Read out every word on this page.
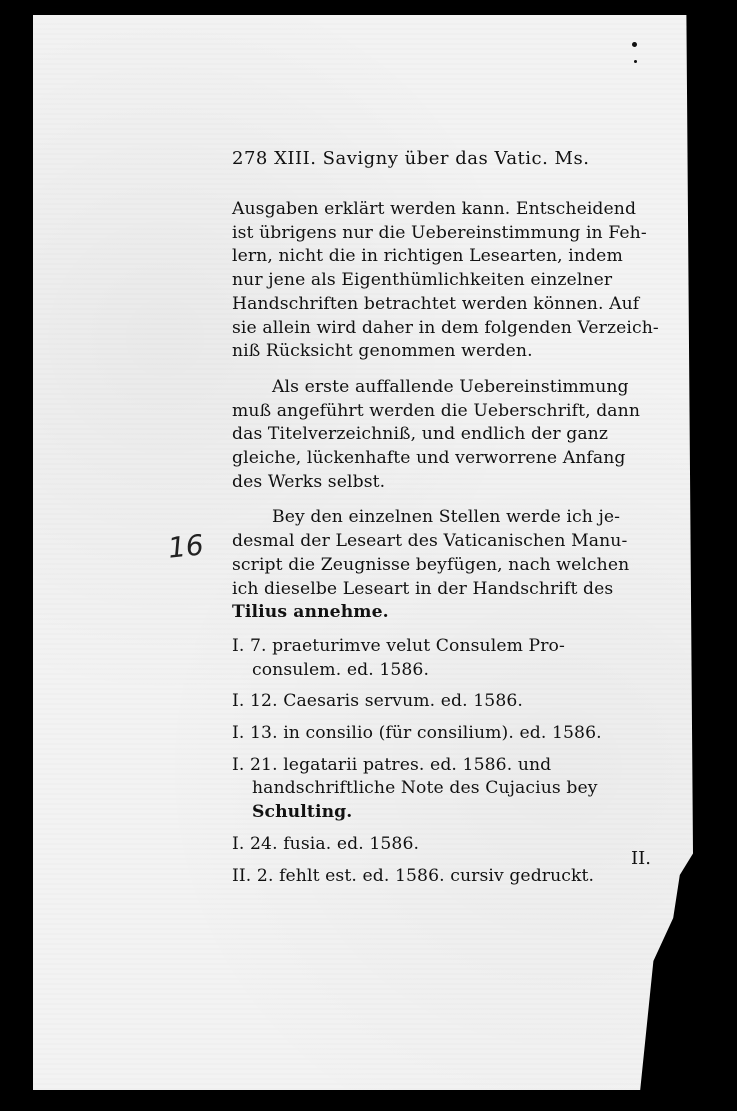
278 XIII. Savigny über das Vatic. Ms.

Ausgaben erklärt werden kann. Entscheidend
ist übrigens nur die Uebereinstimmung in Feh-
lern, nicht die in richtigen Lesearten, indem
nur jene als Eigenthümlichkeiten einzelner
Handschriften betrachtet werden können. Auf
sie allein wird daher in dem folgenden Verzeich-
niß Rücksicht genommen werden.

Als erste auffallende Uebereinstimmung
muß angeführt werden die Ueberschrift, dann
das Titelverzeichniß, und endlich der ganz
gleiche, lückenhafte und verworrene Anfang
des Werks selbst.

Bey den einzelnen Stellen werde ich je-
desmal der Leseart des Vaticanischen Manu-
script die Zeugnisse beyfügen, nach welchen
ich dieselbe Leseart in der Handschrift des
Tilius annehme.

I. 7. praeturimve velut Consulem Pro-
consulem. ed. 1586.
I. 12. Caesaris servum. ed. 1586.
I. 13. in consilio (für consilium). ed. 1586.
I. 21. legatarii patres. ed. 1586. und
handschriftliche Note des Cujacius bey
Schulting.
I. 24. fusia. ed. 1586.
II. 2. fehlt est. ed. 1586. cursiv gedruckt.
16
II.
